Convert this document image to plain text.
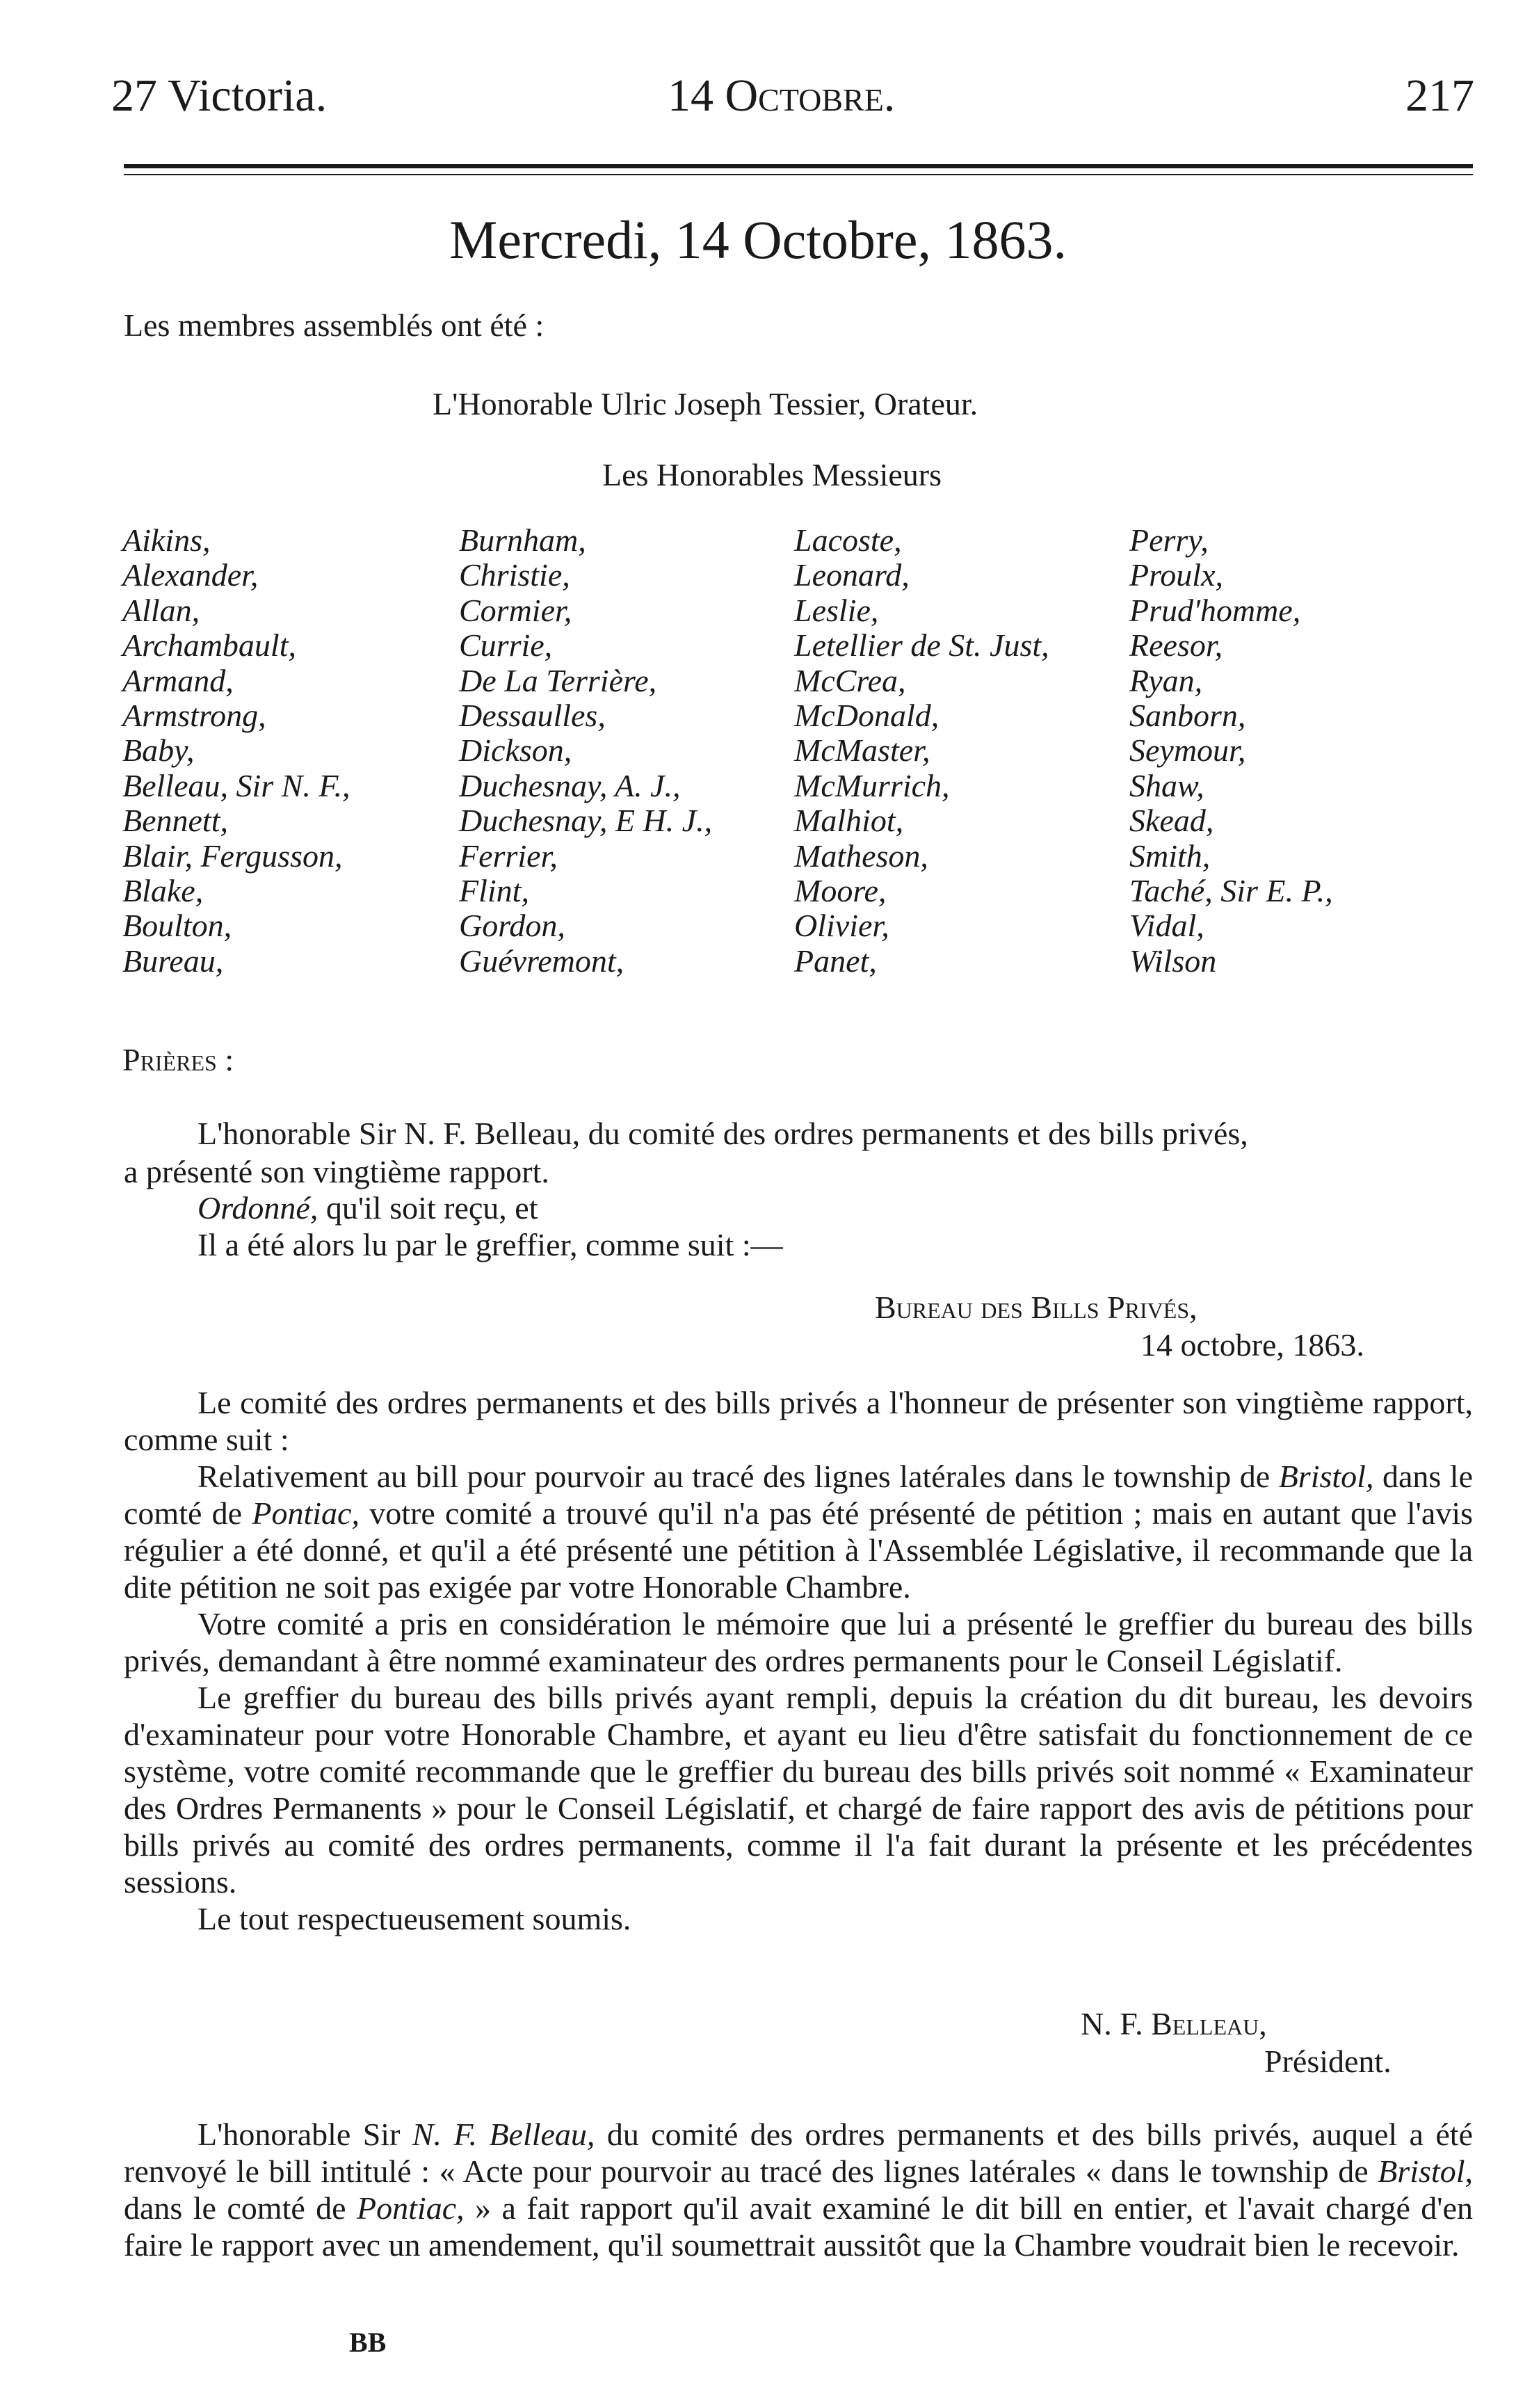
27 Victoria.	14 Octobre.	217
Mercredi, 14 Octobre, 1863.
Les membres assemblés ont été :
L'Honorable Ulric Joseph Tessier, Orateur.
Les Honorables Messieurs
Aikins,
Alexander,
Allan,
Archambault,
Armand,
Armstrong,
Baby,
Belleau, Sir N. F.,
Bennett,
Blair, Fergusson,
Blake,
Boulton,
Bureau,
Burnham,
Christie,
Cormier,
Currie,
De La Terrière,
Dessaulles,
Dickson,
Duchesnay, A. J.,
Duchesnay, E H. J.,
Ferrier,
Flint,
Gordon,
Guévremont,
Lacoste,
Leonard,
Leslie,
Letellier de St. Just,
McCrea,
McDonald,
McMaster,
McMurrich,
Malhiot,
Matheson,
Moore,
Olivier,
Panet,
Perry,
Proulx,
Prud'homme,
Reesor,
Ryan,
Sanborn,
Seymour,
Shaw,
Skead,
Smith,
Taché, Sir E. P.,
Vidal,
Wilson
Prières :
L'honorable Sir N. F. Belleau, du comité des ordres permanents et des bills privés,
a présenté son vingtième rapport.
Ordonné, qu'il soit reçu, et
Il a été alors lu par le greffier, comme suit :—
Bureau des Bills Privés,
14 octobre, 1863.

Le comité des ordres permanents et des bills privés a l'honneur de présenter son vingtième rapport, comme suit :

Relativement au bill pour pourvoir au tracé des lignes latérales dans le township de Bristol, dans le comté de Pontiac, votre comité a trouvé qu'il n'a pas été présenté de pétition ; mais en autant que l'avis régulier a été donné, et qu'il a été présenté une pétition à l'Assemblée Législative, il recommande que la dite pétition ne soit pas exigée par votre Honorable Chambre.

Votre comité a pris en considération le mémoire que lui a présenté le greffier du bureau des bills privés, demandant à être nommé examinateur des ordres permanents pour le Conseil Législatif.

Le greffier du bureau des bills privés ayant rempli, depuis la création du dit bureau, les devoirs d'examinateur pour votre Honorable Chambre, et ayant eu lieu d'être satisfait du fonctionnement de ce système, votre comité recommande que le greffier du bureau des bills privés soit nommé « Examinateur des Ordres Permanents » pour le Conseil Législatif, et chargé de faire rapport des avis de pétitions pour bills privés au comité des ordres permanents, comme il l'a fait durant la présente et les précédentes sessions.

Le tout respectueusement soumis.

N. F. Belleau,
Président.

L'honorable Sir N. F. Belleau, du comité des ordres permanents et des bills privés, auquel a été renvoyé le bill intitulé : « Acte pour pourvoir au tracé des lignes latérales « dans le township de Bristol, dans le comté de Pontiac, » a fait rapport qu'il avait examiné le dit bill en entier, et l'avait chargé d'en faire le rapport avec un amendement, qu'il soumettrait aussitôt que la Chambre voudrait bien le recevoir.

BB
